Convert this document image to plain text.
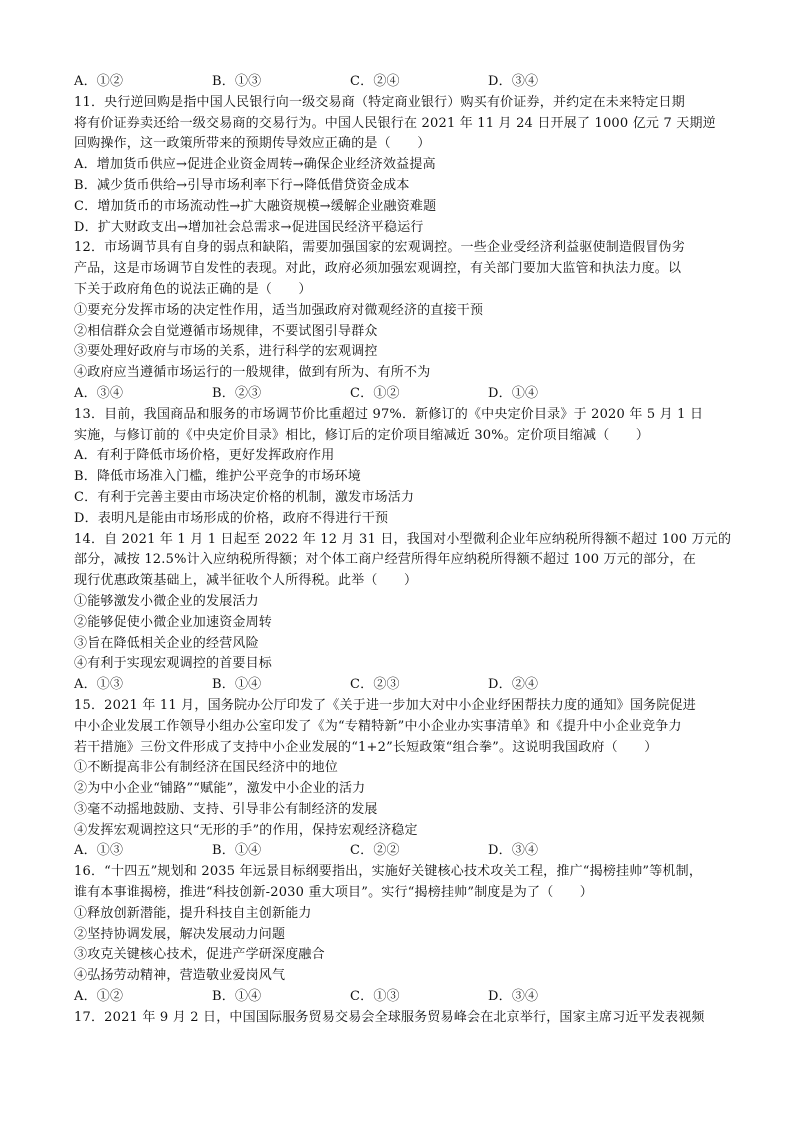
A．①②	B．①③	C．②④	D．③④
11．央行逆回购是指中国人民银行向一级交易商（特定商业银行）购买有价证券，并约定在未来特定日期
将有价证券卖还给一级交易商的交易行为。中国人民银行在 2021 年 11 月 24 日开展了 1000 亿元 7 天期逆
回购操作，这一政策所带来的预期传导效应正确的是（　　）
A．增加货币供应→促进企业资金周转→确保企业经济效益提高
B．减少货币供给→引导市场利率下行→降低借贷资金成本
C．增加货币的市场流动性→扩大融资规模→缓解企业融资难题
D．扩大财政支出→增加社会总需求→促进国民经济平稳运行
12．市场调节具有自身的弱点和缺陷，需要加强国家的宏观调控。一些企业受经济利益驱使制造假冒伪劣
产品，这是市场调节自发性的表现。对此，政府必须加强宏观调控，有关部门要加大监管和执法力度。以
下关于政府角色的说法正确的是（　　）
①要充分发挥市场的决定性作用，适当加强政府对微观经济的直接干预
②相信群众会自觉遵循市场规律，不要试图引导群众
③要处理好政府与市场的关系，进行科学的宏观调控
④政府应当遵循市场运行的一般规律，做到有所为、有所不为
A．③④	B．②③	C．①②	D．①④
13．目前，我国商品和服务的市场调节价比重超过 97%．新修订的《中央定价目录》于 2020 年 5 月 1 日
实施，与修订前的《中央定价目录》相比，修订后的定价项目缩减近 30%。定价项目缩减（　　）
A．有利于降低市场价格，更好发挥政府作用
B．降低市场准入门槛，维护公平竞争的市场环境
C．有利于完善主要由市场决定价格的机制，激发市场活力
D．表明凡是能由市场形成的价格，政府不得进行干预
14．自 2021 年 1 月 1 日起至 2022 年 12 月 31 日，我国对小型微利企业年应纳税所得额不超过 100 万元的
部分，减按 12.5%计入应纳税所得额；对个体工商户经营所得年应纳税所得额不超过 100 万元的部分，在
现行优惠政策基础上，减半征收个人所得税。此举（　　）
①能够激发小微企业的发展活力
②能够促使小微企业加速资金周转
③旨在降低相关企业的经营风险
④有利于实现宏观调控的首要目标
A．①③	B．①④	C．②③	D．②④
15．2021 年 11 月，国务院办公厅印发了《关于进一步加大对中小企业纾困帮扶力度的通知》国务院促进
中小企业发展工作领导小组办公室印发了《为“专精特新”中小企业办实事清单》和《提升中小企业竞争力
若干措施》三份文件形成了支持中小企业发展的“1+2”长短政策“组合拳”。这说明我国政府（　　）
①不断提高非公有制经济在国民经济中的地位
②为中小企业“铺路”“赋能”，激发中小企业的活力
③毫不动摇地鼓励、支持、引导非公有制经济的发展
④发挥宏观调控这只“无形的手”的作用，保持宏观经济稳定
A．①③	B．①④	C．②②	D．③④
16．“十四五”规划和 2035 年远景目标纲要指出，实施好关键核心技术攻关工程，推广“揭榜挂帅”等机制，
谁有本事谁揭榜，推进“科技创新-2030 重大项目”。实行“揭榜挂帅”制度是为了（　　）
①释放创新潜能，提升科技自主创新能力
②坚持协调发展，解决发展动力问题
③攻克关键核心技术，促进产学研深度融合
④弘扬劳动精神，营造敬业爱岗风气
A．①②	B．①④	C．①③	D．③④
17．2021 年 9 月 2 日，中国国际服务贸易交易会全球服务贸易峰会在北京举行，国家主席习近平发表视频
